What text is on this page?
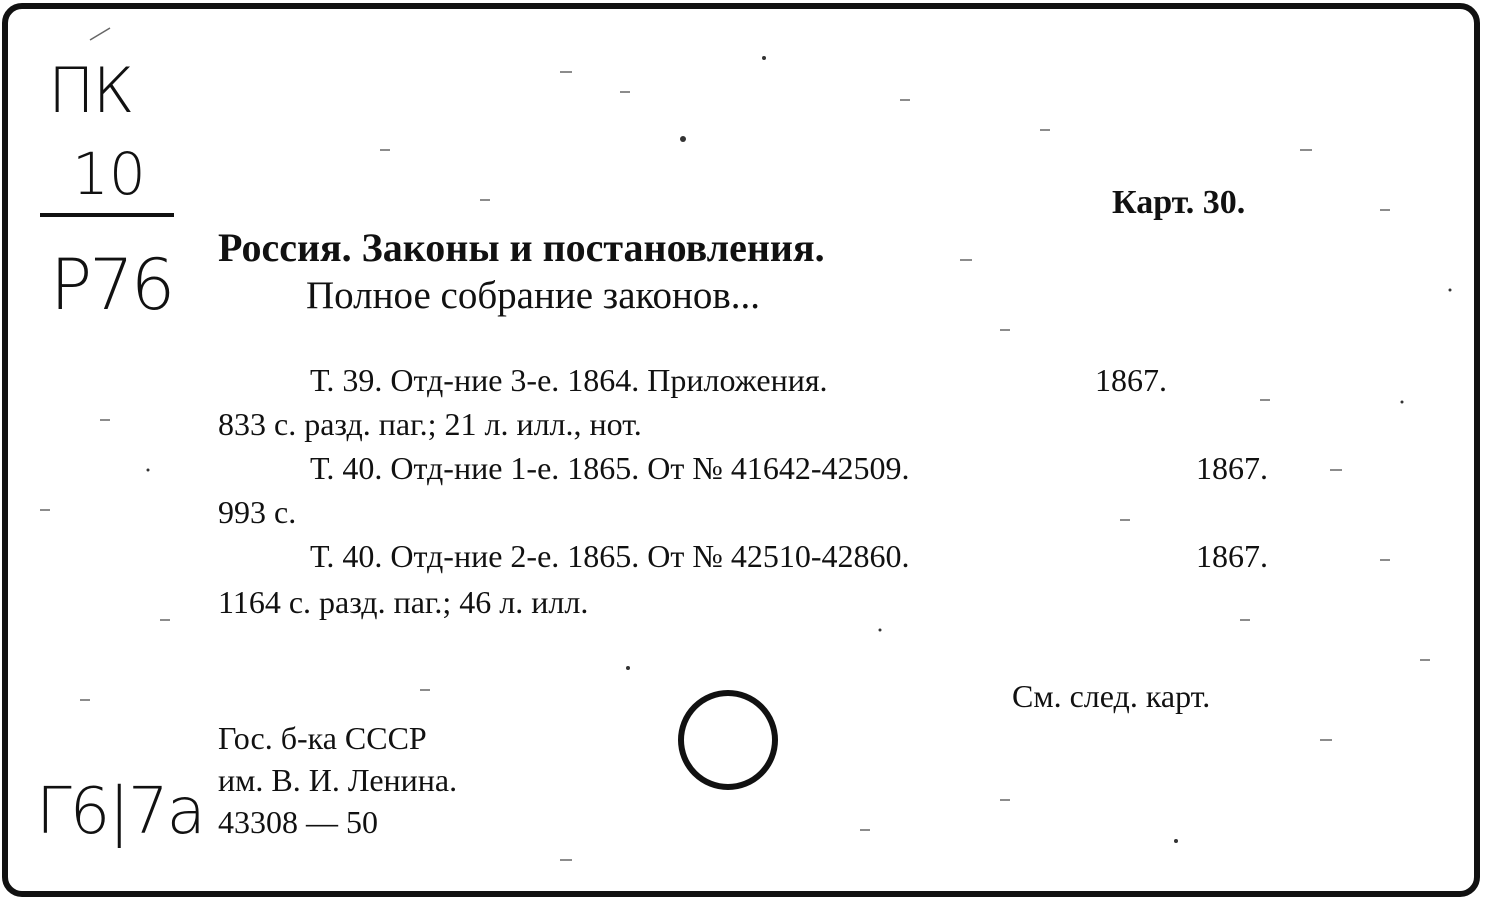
ПК
10
Р76
Карт. 30.
Россия. Законы и постановления.
Полное собрание законов...
Т. 39. Отд-ние 3-е. 1864. Приложения.	1867.
833 с. разд. паг.; 21 л. илл., нот.
Т. 40. Отд-ние 1-е. 1865. От № 41642-42509.	1867.
993 с.
Т. 40. Отд-ние 2-е. 1865. От № 42510-42860.	1867.
1164 с. разд. паг.; 46 л. илл.
См. след. карт.
Гос. б-ка СССР
им. В. И. Ленина.
43308 — 50
Г6|7а
